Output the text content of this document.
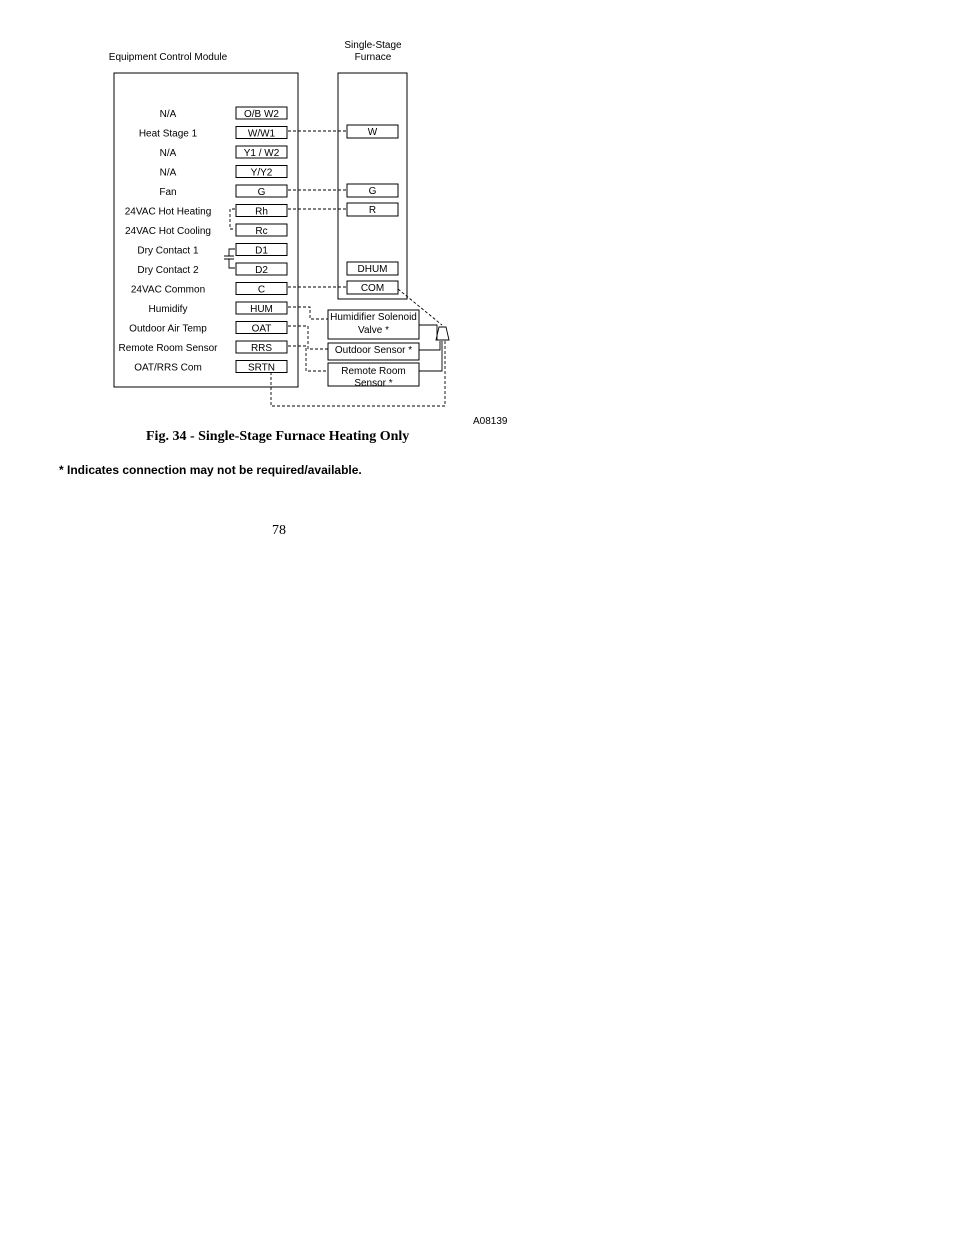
Equipment Control Module
Single-Stage
Furnace
N/A	O/B W2
Heat Stage 1	W/W1
N/A	Y1 / W2
N/A	Y/Y2
Fan	G
24VAC Hot Heating	Rh
24VAC Hot Cooling	Rc
Dry Contact 1	D1
Dry Contact 2	D2
24VAC Common	C
Humidify	HUM
Outdoor Air Temp	OAT
Remote Room Sensor	RRS
OAT/RRS Com	SRTN
W
G
R
DHUM
COM
Humidifier Solenoid
Valve *
Outdoor Sensor *
Remote Room
Sensor *
A08139
Fig. 34 - Single-Stage Furnace Heating Only
* Indicates connection may not be required/available.
78
